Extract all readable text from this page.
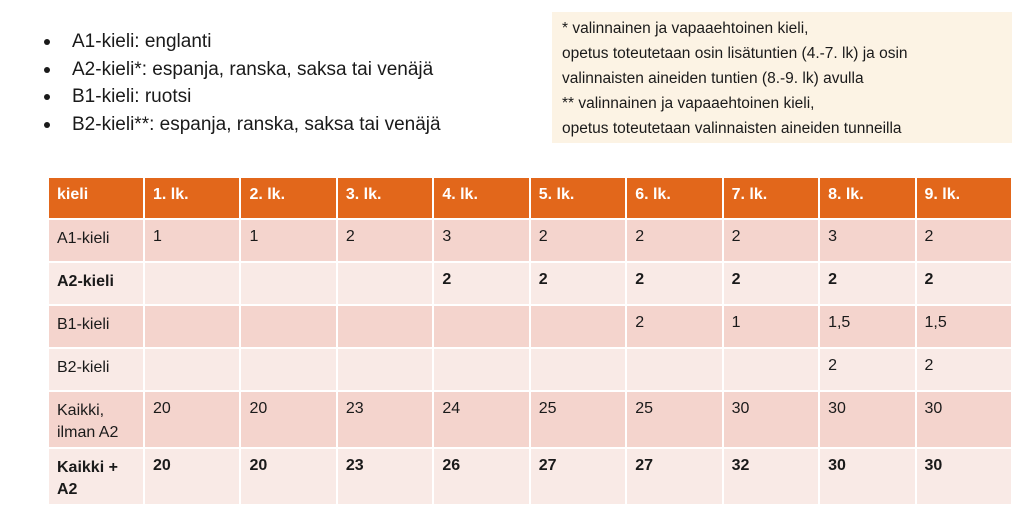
A1-kieli: englanti
A2-kieli*: espanja, ranska, saksa tai venäjä
B1-kieli: ruotsi
B2-kieli**: espanja, ranska, saksa tai venäjä
* valinnainen ja vapaaehtoinen kieli,
opetus toteutetaan osin lisätuntien (4.-7. lk) ja osin
valinnaisten aineiden tuntien (8.-9. lk) avulla
** valinnainen ja vapaaehtoinen kieli,
opetus toteutetaan valinnaisten aineiden tunneilla
kieli	1. lk.	2. lk.	3. lk.	4. lk.	5. lk.	6. lk.	7. lk.	8. lk.	9. lk.
A1-kieli	1	1	2	3	2	2	2	3	2
A2-kieli				2	2	2	2	2	2
B1-kieli						2	1	1,5	1,5
B2-kieli								2	2
Kaikki, ilman A2	20	20	23	24	25	25	30	30	30
Kaikki + A2	20	20	23	26	27	27	32	30	30
